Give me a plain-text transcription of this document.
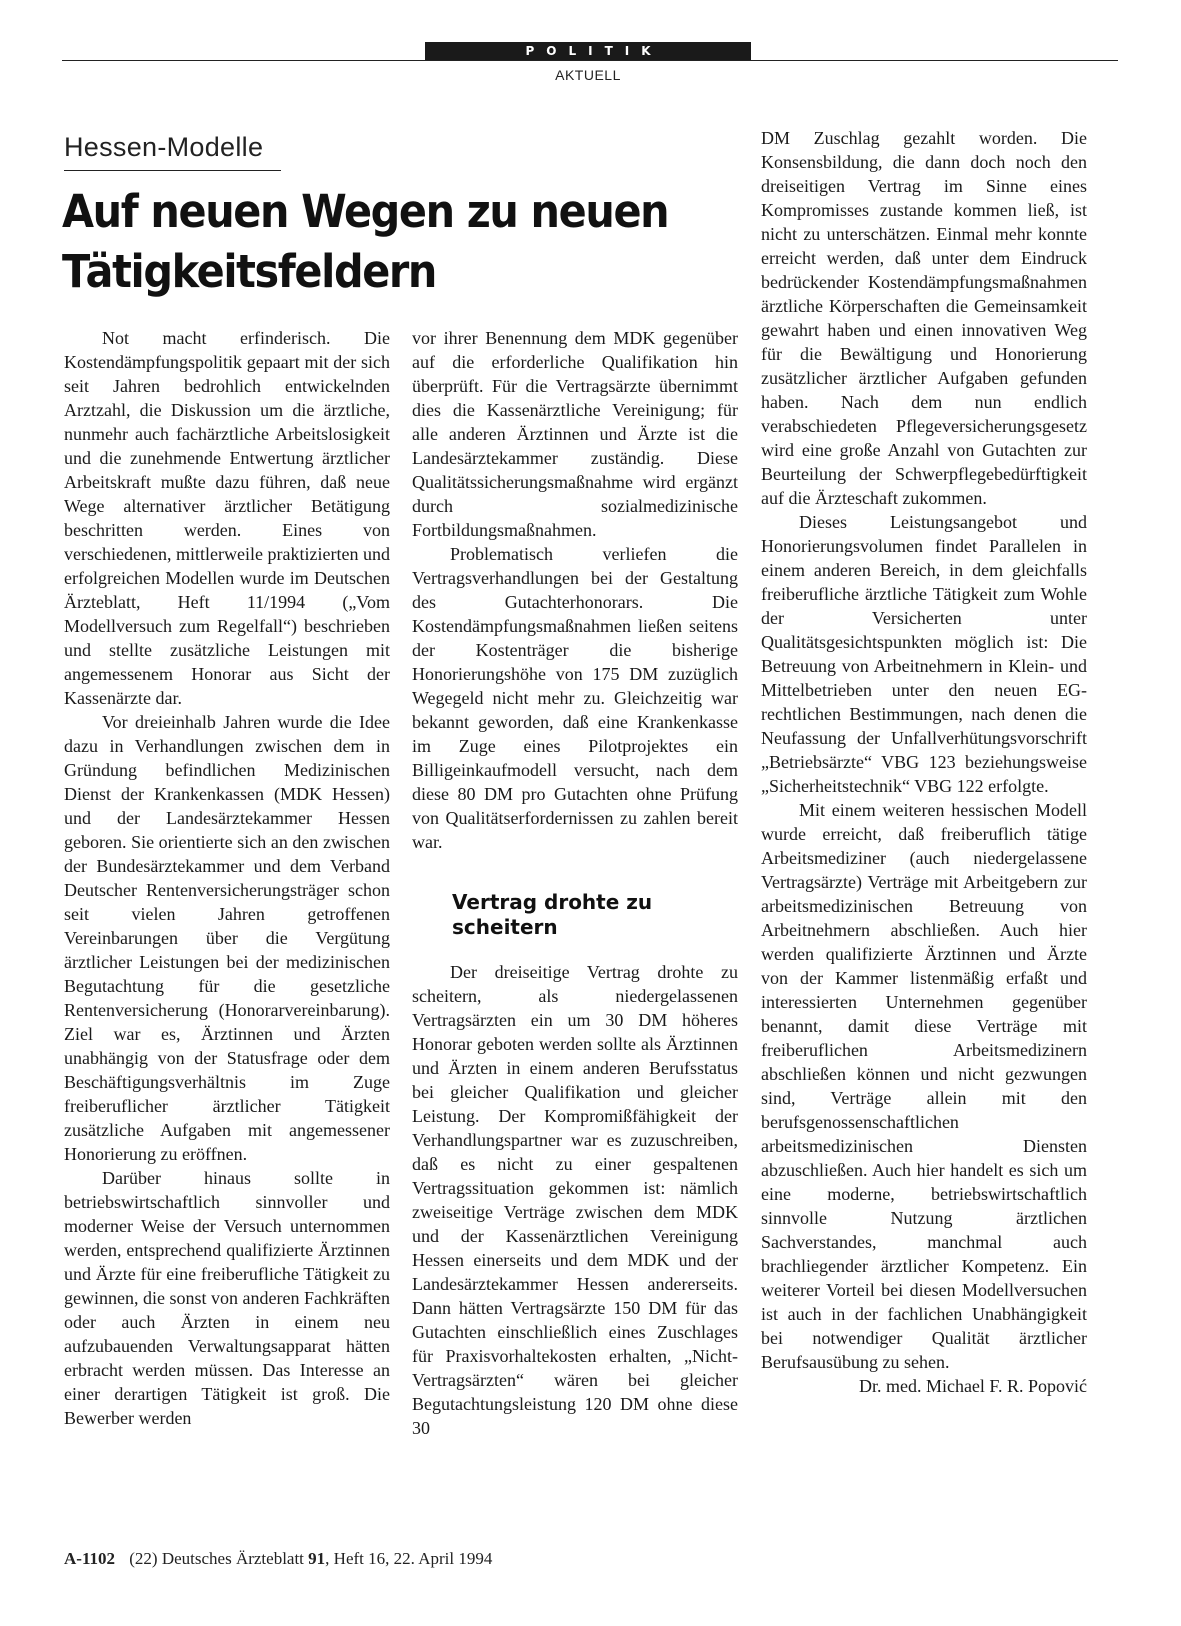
POLITIK
AKTUELL
Hessen-Modelle
Auf neuen Wegen zu neuen Tätigkeitsfeldern

Not macht erfinderisch. Die Kostendämpfungspolitik gepaart mit der sich seit Jahren bedrohlich entwickelnden Arztzahl, die Diskussion um die ärztliche, nunmehr auch fachärztliche Arbeitslosigkeit und die zunehmende Entwertung ärztlicher Arbeitskraft mußte dazu führen, daß neue Wege alternativer ärztlicher Betätigung beschritten werden. Eines von verschiedenen, mittlerweile praktizierten und erfolgreichen Modellen wurde im Deutschen Ärzteblatt, Heft 11/1994 („Vom Modellversuch zum Regelfall“) beschrieben und stellte zusätzliche Leistungen mit angemessenem Honorar aus Sicht der Kassenärzte dar.

Vor dreieinhalb Jahren wurde die Idee dazu in Verhandlungen zwischen dem in Gründung befindlichen Medizinischen Dienst der Krankenkassen (MDK Hessen) und der Landesärztekammer Hessen geboren. Sie orientierte sich an den zwischen der Bundesärztekammer und dem Verband Deutscher Rentenversicherungsträger schon seit vielen Jahren getroffenen Vereinbarungen über die Vergütung ärztlicher Leistungen bei der medizinischen Begutachtung für die gesetzliche Rentenversicherung (Honorarvereinbarung). Ziel war es, Ärztinnen und Ärzten unabhängig von der Statusfrage oder dem Beschäftigungsverhältnis im Zuge freiberuflicher ärztlicher Tätigkeit zusätzliche Aufgaben mit angemessener Honorierung zu eröffnen.

Darüber hinaus sollte in betriebswirtschaftlich sinnvoller und moderner Weise der Versuch unternommen werden, entsprechend qualifizierte Ärztinnen und Ärzte für eine freiberufliche Tätigkeit zu gewinnen, die sonst von anderen Fachkräften oder auch Ärzten in einem neu aufzubauenden Verwaltungsapparat hätten erbracht werden müssen. Das Interesse an einer derartigen Tätigkeit ist groß. Die Bewerber werden

vor ihrer Benennung dem MDK gegenüber auf die erforderliche Qualifikation hin überprüft. Für die Vertragsärzte übernimmt dies die Kassenärztliche Vereinigung; für alle anderen Ärztinnen und Ärzte ist die Landesärztekammer zuständig. Diese Qualitätssicherungsmaßnahme wird ergänzt durch sozialmedizinische Fortbildungsmaßnahmen.

Problematisch verliefen die Vertragsverhandlungen bei der Gestaltung des Gutachterhonorars. Die Kostendämpfungsmaßnahmen ließen seitens der Kostenträger die bisherige Honorierungshöhe von 175 DM zuzüglich Wegegeld nicht mehr zu. Gleichzeitig war bekannt geworden, daß eine Krankenkasse im Zuge eines Pilotprojektes ein Billigeinkaufmodell versucht, nach dem diese 80 DM pro Gutachten ohne Prüfung von Qualitätserfordernissen zu zahlen bereit war.

Vertrag drohte zu scheitern

Der dreiseitige Vertrag drohte zu scheitern, als niedergelassenen Vertragsärzten ein um 30 DM höheres Honorar geboten werden sollte als Ärztinnen und Ärzten in einem anderen Berufsstatus bei gleicher Qualifikation und gleicher Leistung. Der Kompromißfähigkeit der Verhandlungspartner war es zuzuschreiben, daß es nicht zu einer gespaltenen Vertragssituation gekommen ist: nämlich zweiseitige Verträge zwischen dem MDK und der Kassenärztlichen Vereinigung Hessen einerseits und dem MDK und der Landesärztekammer Hessen andererseits. Dann hätten Vertragsärzte 150 DM für das Gutachten einschließlich eines Zuschlages für Praxisvorhaltekosten erhalten, „Nicht-Vertragsärzten“ wären bei gleicher Begutachtungsleistung 120 DM ohne diese 30

DM Zuschlag gezahlt worden. Die Konsensbildung, die dann doch noch den dreiseitigen Vertrag im Sinne eines Kompromisses zustande kommen ließ, ist nicht zu unterschätzen. Einmal mehr konnte erreicht werden, daß unter dem Eindruck bedrückender Kostendämpfungsmaßnahmen ärztliche Körperschaften die Gemeinsamkeit gewahrt haben und einen innovativen Weg für die Bewältigung und Honorierung zusätzlicher ärztlicher Aufgaben gefunden haben. Nach dem nun endlich verabschiedeten Pflegeversicherungsgesetz wird eine große Anzahl von Gutachten zur Beurteilung der Schwerpflegebedürftigkeit auf die Ärzteschaft zukommen.

Dieses Leistungsangebot und Honorierungsvolumen findet Parallelen in einem anderen Bereich, in dem gleichfalls freiberufliche ärztliche Tätigkeit zum Wohle der Versicherten unter Qualitätsgesichtspunkten möglich ist: Die Betreuung von Arbeitnehmern in Klein- und Mittelbetrieben unter den neuen EG-rechtlichen Bestimmungen, nach denen die Neufassung der Unfallverhütungsvorschrift „Betriebsärzte“ VBG 123 beziehungsweise „Sicherheitstechnik“ VBG 122 erfolgte.

Mit einem weiteren hessischen Modell wurde erreicht, daß freiberuflich tätige Arbeitsmediziner (auch niedergelassene Vertragsärzte) Verträge mit Arbeitgebern zur arbeitsmedizinischen Betreuung von Arbeitnehmern abschließen. Auch hier werden qualifizierte Ärztinnen und Ärzte von der Kammer listenmäßig erfaßt und interessierten Unternehmen gegenüber benannt, damit diese Verträge mit freiberuflichen Arbeitsmedizinern abschließen können und nicht gezwungen sind, Verträge allein mit den berufsgenossenschaftlichen arbeitsmedizinischen Diensten abzuschließen. Auch hier handelt es sich um eine moderne, betriebswirtschaftlich sinnvolle Nutzung ärztlichen Sachverstandes, manchmal auch brachliegender ärztlicher Kompetenz. Ein weiterer Vorteil bei diesen Modellversuchen ist auch in der fachlichen Unabhängigkeit bei notwendiger Qualität ärztlicher Berufsausübung zu sehen.

Dr. med. Michael F. R. Popović

A-1102 (22) Deutsches Ärzteblatt 91, Heft 16, 22. April 1994
